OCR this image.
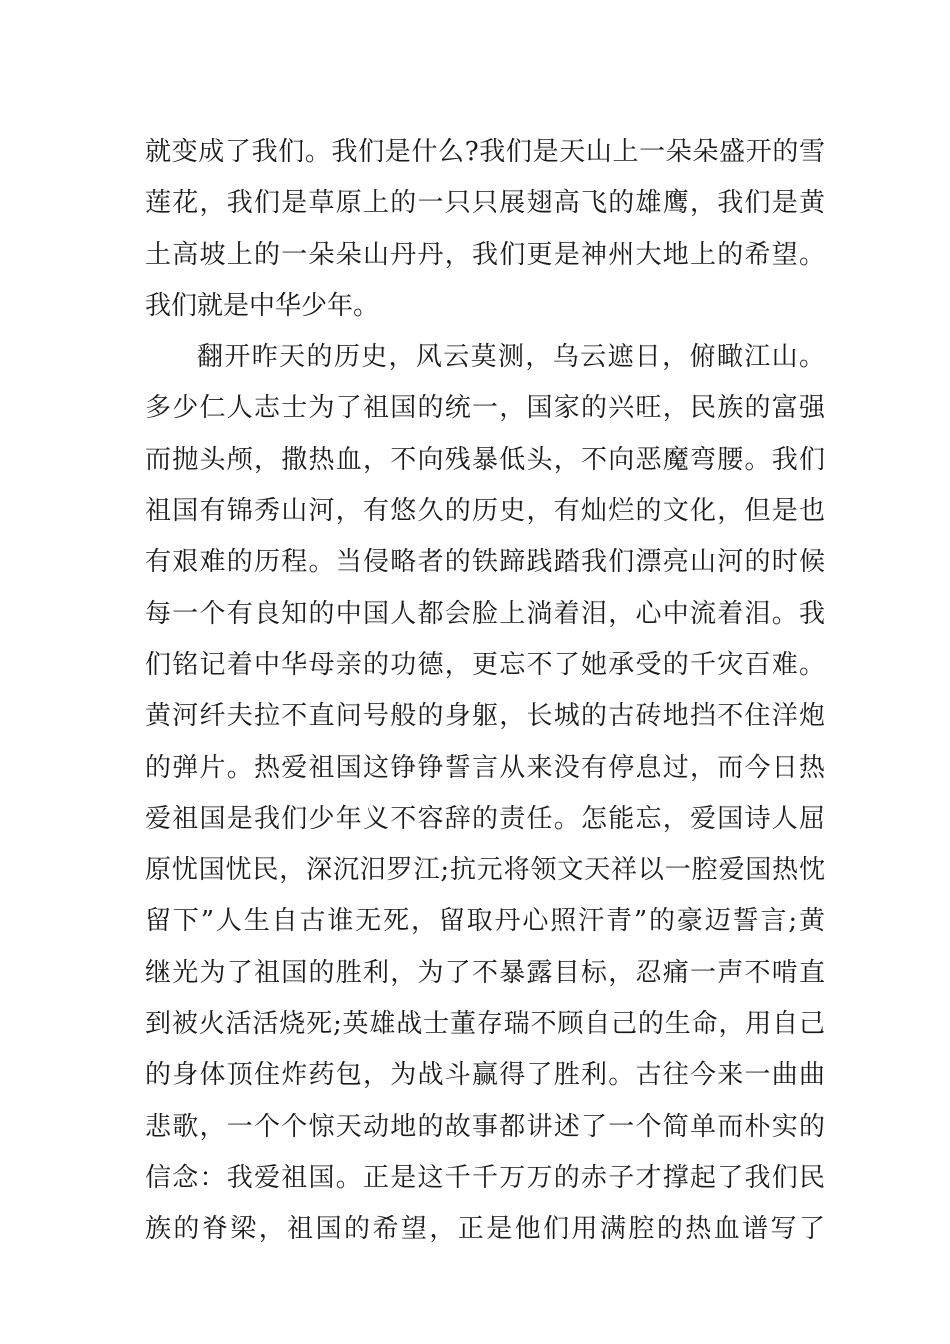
就变成了我们。我们是什么?我们是天山上一朵朵盛开的雪
莲花，我们是草原上的一只只展翅高飞的雄鹰，我们是黄
土高坡上的一朵朵山丹丹，我们更是神州大地上的希望。
我们就是中华少年。
翻开昨天的历史，风云莫测，乌云遮日，俯瞰江山。
多少仁人志士为了祖国的统一，国家的兴旺，民族的富强
而抛头颅，撒热血，不向残暴低头，不向恶魔弯腰。我们
祖国有锦秀山河，有悠久的历史，有灿烂的文化，但是也
有艰难的历程。当侵略者的铁蹄践踏我们漂亮山河的时候
每一个有良知的中国人都会脸上淌着泪，心中流着泪。我
们铭记着中华母亲的功德，更忘不了她承受的千灾百难。
黄河纤夫拉不直问号般的身躯，长城的古砖地挡不住洋炮
的弹片。热爱祖国这铮铮誓言从来没有停息过，而今日热
爱祖国是我们少年义不容辞的责任。怎能忘，爱国诗人屈
原忧国忧民，深沉汨罗江;抗元将领文天祥以一腔爱国热忱
留下”人生自古谁无死，留取丹心照汗青”的豪迈誓言;黄
继光为了祖国的胜利，为了不暴露目标，忍痛一声不啃直
到被火活活烧死;英雄战士董存瑞不顾自己的生命，用自己
的身体顶住炸药包，为战斗赢得了胜利。古往今来一曲曲
悲歌，一个个惊天动地的故事都讲述了一个简单而朴实的
信念：我爱祖国。正是这千千万万的赤子才撑起了我们民
族的脊梁，祖国的希望，正是他们用满腔的热血谱写了
